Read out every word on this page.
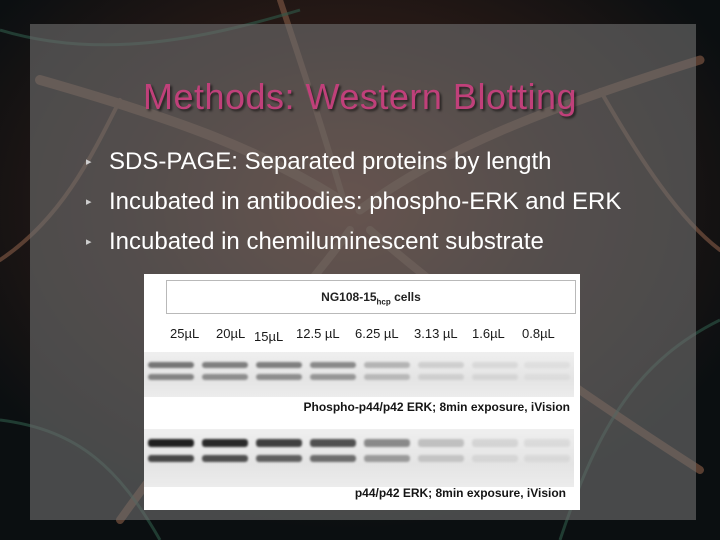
Methods: Western Blotting
▸ SDS-PAGE: Separated proteins by length
▸ Incubated in antibodies: phospho-ERK and ERK
▸ Incubated in chemiluminescent substrate
$NG108-15_{hcp}$ cells
25µL 20µL 15µL 12.5 µL 6.25 µL 3.13 µL 1.6µL 0.8µL
Phospho-p44/p42 ERK; 8min exposure, iVision
p44/p42 ERK; 8min exposure, iVision
